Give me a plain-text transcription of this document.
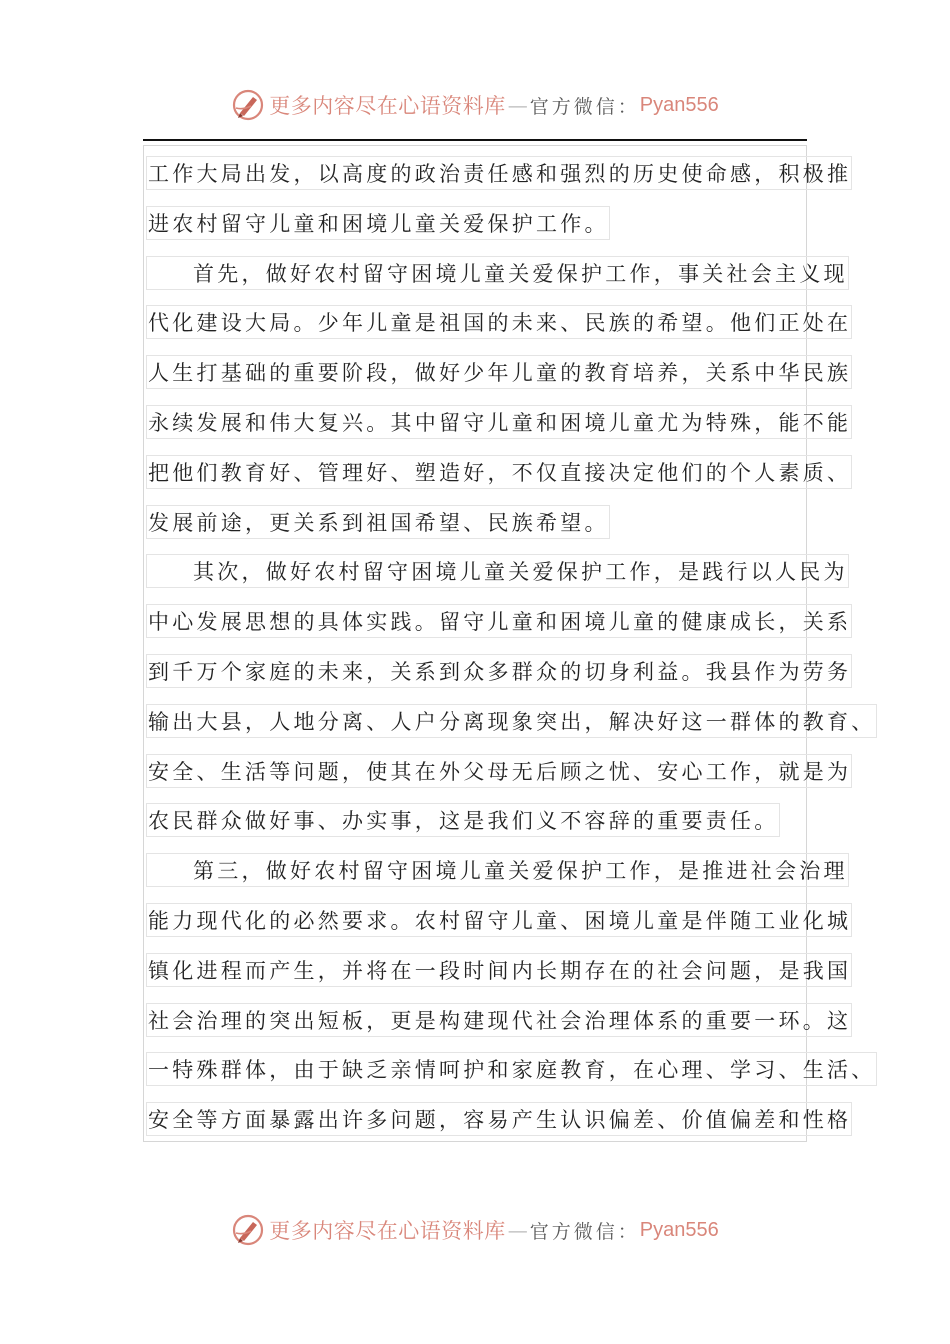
更多内容尽在心语资料库 — 官方微信： Pyan556
工作大局出发，以高度的政治责任感和强烈的历史使命感，积极推
进农村留守儿童和困境儿童关爱保护工作。
首先，做好农村留守困境儿童关爱保护工作，事关社会主义现
代化建设大局。少年儿童是祖国的未来、民族的希望。他们正处在
人生打基础的重要阶段，做好少年儿童的教育培养，关系中华民族
永续发展和伟大复兴。其中留守儿童和困境儿童尤为特殊，能不能
把他们教育好、管理好、塑造好，不仅直接决定他们的个人素质、
发展前途，更关系到祖国希望、民族希望。
其次，做好农村留守困境儿童关爱保护工作，是践行以人民为
中心发展思想的具体实践。留守儿童和困境儿童的健康成长，关系
到千万个家庭的未来，关系到众多群众的切身利益。我县作为劳务
输出大县，人地分离、人户分离现象突出，解决好这一群体的教育、
安全、生活等问题，使其在外父母无后顾之忧、安心工作，就是为
农民群众做好事、办实事，这是我们义不容辞的重要责任。
第三，做好农村留守困境儿童关爱保护工作，是推进社会治理
能力现代化的必然要求。农村留守儿童、困境儿童是伴随工业化城
镇化进程而产生，并将在一段时间内长期存在的社会问题，是我国
社会治理的突出短板，更是构建现代社会治理体系的重要一环。这
一特殊群体，由于缺乏亲情呵护和家庭教育，在心理、学习、生活、
安全等方面暴露出许多问题，容易产生认识偏差、价值偏差和性格
更多内容尽在心语资料库 — 官方微信： Pyan556
